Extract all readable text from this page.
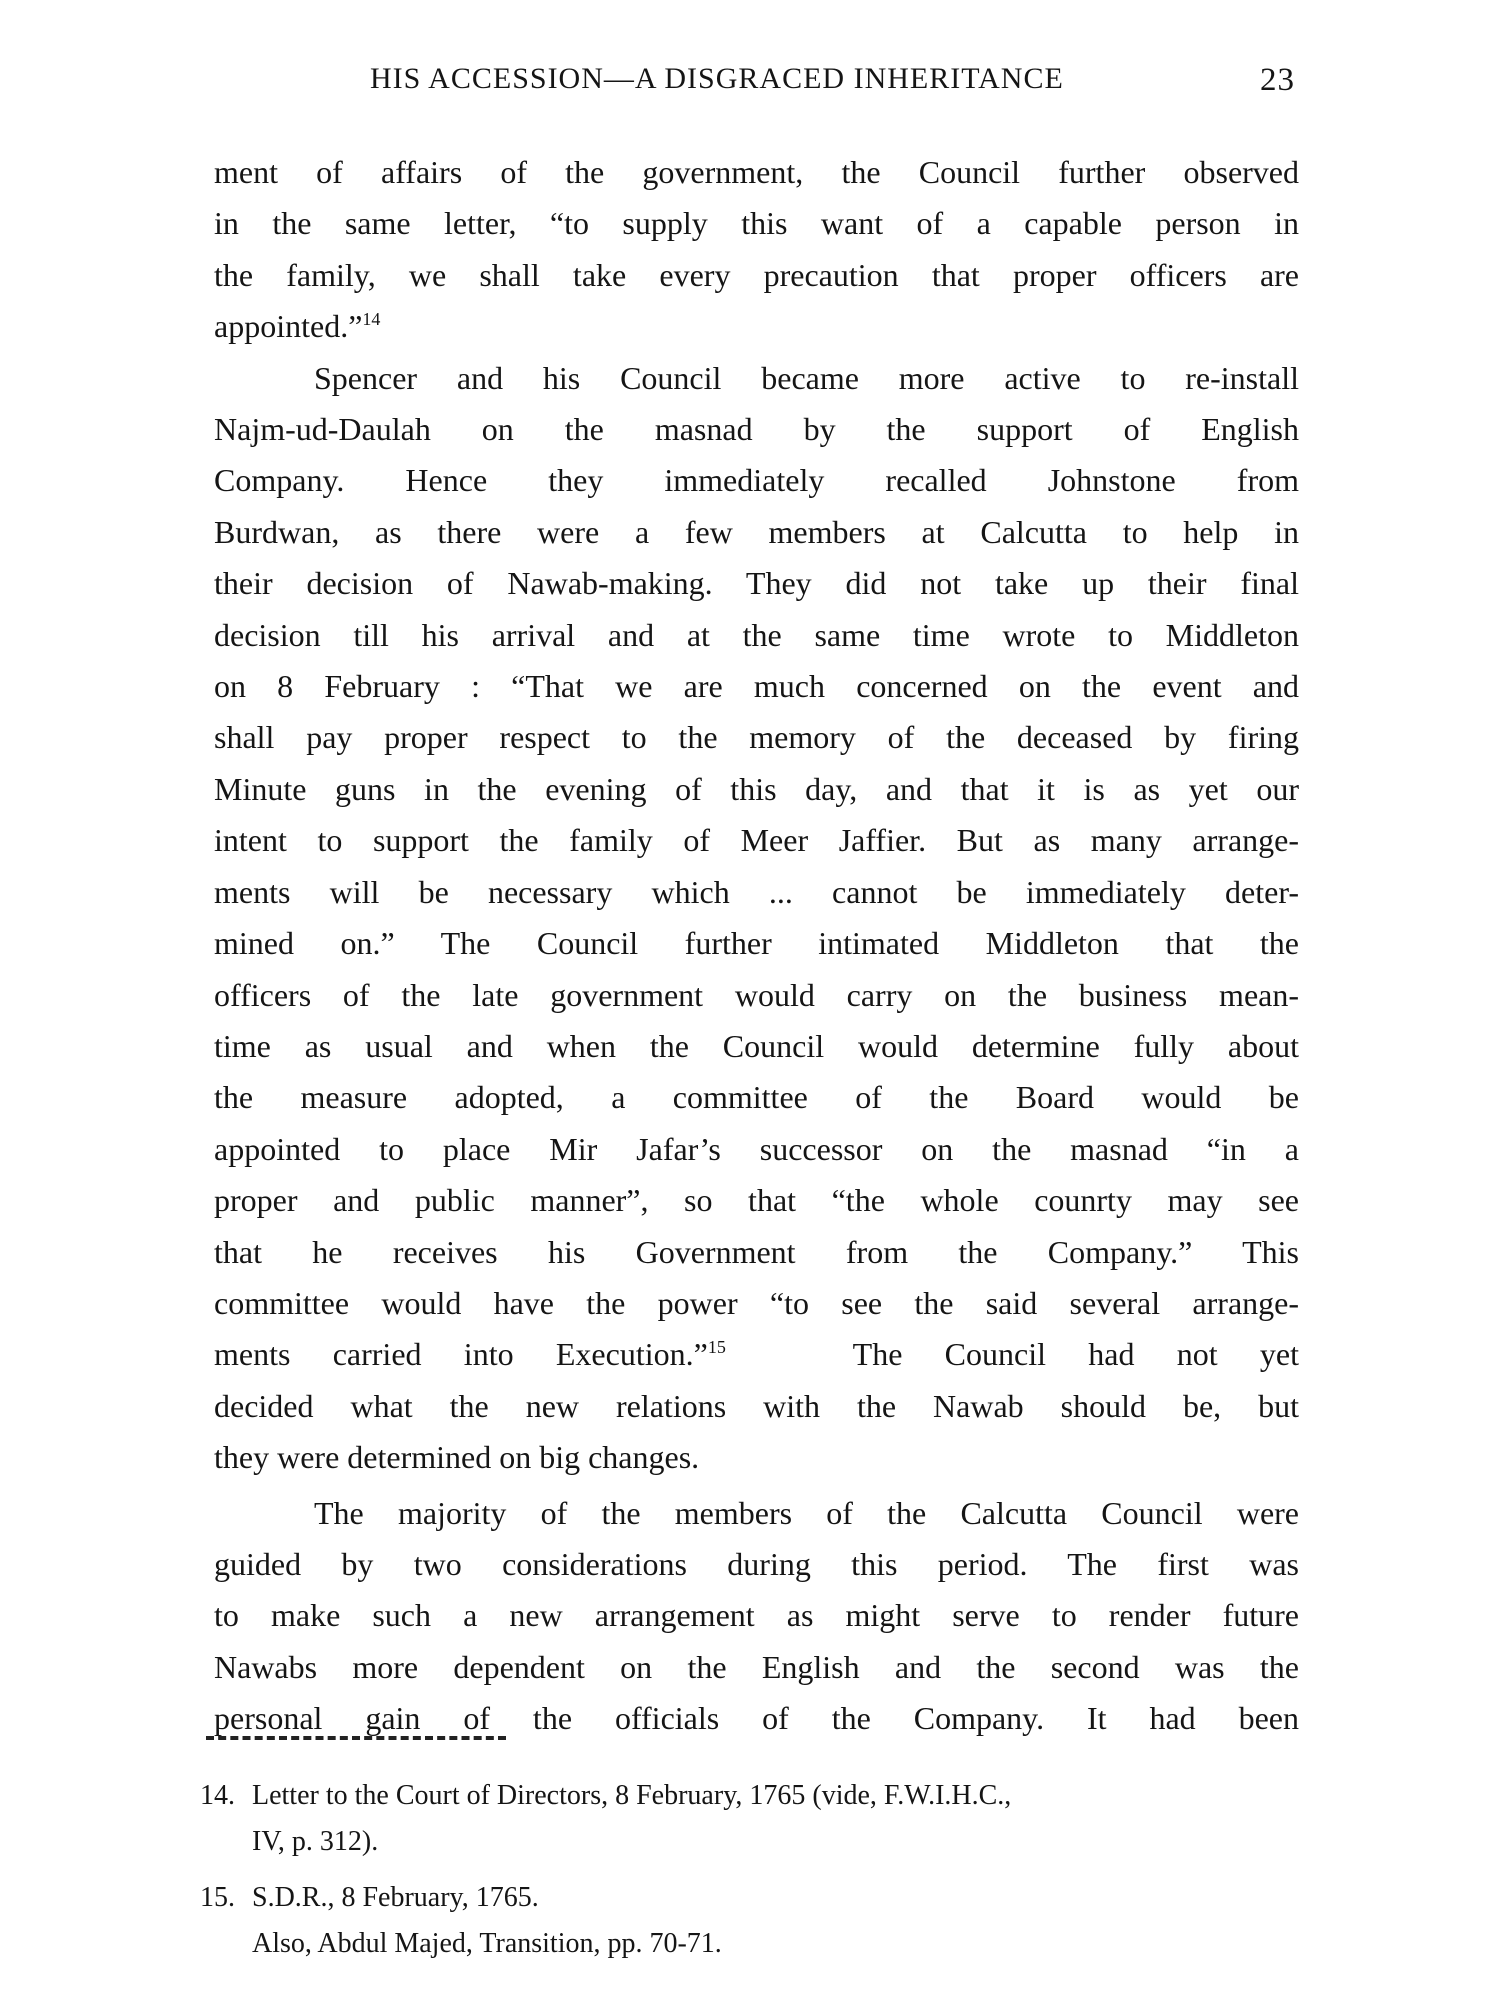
HIS ACCESSION—A DISGRACED INHERITANCE	23

ment of affairs of the government, the Council further observed
in the same letter, “to supply this want of a capable person in
the family, we shall take every precaution that proper officers are
appointed.”$^{14}$

Spencer and his Council became more active to re-install
Najm-ud-Daulah on the masnad by the support of English
Company. Hence they immediately recalled Johnstone from
Burdwan, as there were a few members at Calcutta to help in
their decision of Nawab-making. They did not take up their final
decision till his arrival and at the same time wrote to Middleton
on 8 February : “That we are much concerned on the event and
shall pay proper respect to the memory of the deceased by firing
Minute guns in the evening of this day, and that it is as yet our
intent to support the family of Meer Jaffier. But as many arrange-
ments will be necessary which ... cannot be immediately deter-
mined on.” The Council further intimated Middleton that the
officers of the late government would carry on the business mean-
time as usual and when the Council would determine fully about
the measure adopted, a committee of the Board would be
appointed to place Mir Jafar’s successor on the masnad “in a
proper and public manner”, so that “the whole counrty may see
that he receives his Government from the Company.” This
committee would have the power “to see the said several arrange-
ments carried into Execution.”$^{15}$	The Council had not yet
decided what the new relations with the Nawab should be, but
they were determined on big changes.

The majority of the members of the Calcutta Council were
guided by two considerations during this period. The first was
to make such a new arrangement as might serve to render future
Nawabs more dependent on the English and the second was the
personal gain of the officials of the Company. It had been

14. Letter to the Court of Directors, 8 February, 1765 (vide, F.W.I.H.C.,
IV, p. 312).
15. S.D.R., 8 February, 1765.
Also, Abdul Majed, Transition, pp. 70-71.
